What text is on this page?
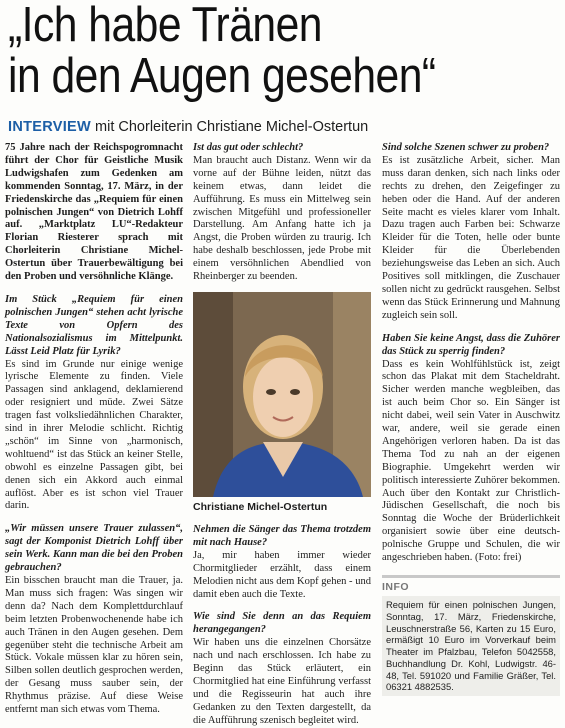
„Ich habe Tränen
in den Augen gesehen“
INTERVIEW mit Chorleiterin Christiane Michel-Ostertun

75 Jahre nach der Reichspogromnacht führt der Chor für Geistliche Musik Ludwigshafen zum Gedenken am kommenden Sonntag, 17. März, in der Friedenskirche das „Requiem für einen polnischen Jungen“ von Dietrich Lohff auf. „Marktplatz LU“-Redakteur Florian Riesterer sprach mit Chorleiterin Christiane Michel-Ostertun über Trauerbewältigung bei den Proben und versöhnliche Klänge.

Im Stück „Requiem für einen polnischen Jungen“ stehen acht lyrische Texte von Opfern des Nationalsozialismus im Mittelpunkt. Lässt Leid Platz für Lyrik?

Es sind im Grunde nur einige wenige lyrische Elemente zu finden. Viele Passagen sind anklagend, deklamierend oder resigniert und müde. Zwei Sätze tragen fast volksliedähnlichen Charakter, sind in ihrer Melodie schlicht. Richtig „schön“ im Sinne von „harmonisch, wohltuend“ ist das Stück an keiner Stelle, obwohl es einzelne Passagen gibt, bei denen sich ein Akkord auch einmal auflöst. Aber es ist schon viel Trauer darin.

„Wir müssen unsere Trauer zulassen“, sagt der Komponist Dietrich Lohff über sein Werk. Kann man die bei den Proben gebrauchen?

Ein bisschen braucht man die Trauer, ja. Man muss sich fragen: Was singen wir denn da? Nach dem Komplettdurchlauf beim letzten Probenwochenende habe ich auch Tränen in den Augen gesehen. Dem gegenüber steht die technische Arbeit am Stück. Vokale müssen klar zu hören sein, Silben sollen deutlich gesprochen werden, der Gesang muss sauber sein, der Rhythmus präzise. Auf diese Weise entfernt man sich etwas vom Thema.

Ist das gut oder schlecht?

Man braucht auch Distanz. Wenn wir da vorne auf der Bühne leiden, nützt das keinem etwas, dann leidet die Aufführung. Es muss ein Mittelweg sein zwischen Mitgefühl und professioneller Darstellung. Am Anfang hatte ich ja Angst, die Proben würden zu traurig. Ich habe deshalb beschlossen, jede Probe mit einem versöhnlichen Abendlied von Rheinberger zu beenden.

Christiane Michel-Ostertun

Nehmen die Sänger das Thema trotzdem mit nach Hause?

Ja, mir haben immer wieder Chormitglieder erzählt, dass einem Melodien nicht aus dem Kopf gehen - und damit eben auch die Texte.

Wie sind Sie denn an das Requiem herangegangen?

Wir haben uns die einzelnen Chorsätze nach und nach erschlossen. Ich habe zu Beginn das Stück erläutert, ein Chormitglied hat eine Einführung verfasst und die Regisseurin hat auch ihre Gedanken zu den Texten dargestellt, da die Aufführung szenisch begleitet wird.

Sind solche Szenen schwer zu proben?

Es ist zusätzliche Arbeit, sicher. Man muss daran denken, sich nach links oder rechts zu drehen, den Zeigefinger zu heben oder die Hand. Auf der anderen Seite macht es vieles klarer vom Inhalt. Dazu tragen auch Farben bei: Schwarze Kleider für die Toten, helle oder bunte Kleider für die Überlebenden beziehungsweise das Leben an sich. Auch Positives soll mitklingen, die Zuschauer sollen nicht zu gedrückt rausgehen. Selbst wenn das Stück Erinnerung und Mahnung zugleich sein soll.

Haben Sie keine Angst, dass die Zuhörer das Stück zu sperrig finden?

Dass es kein Wohlfühlstück ist, zeigt schon das Plakat mit dem Stacheldraht. Sicher werden manche wegbleiben, das ist auch beim Chor so. Ein Sänger ist nicht dabei, weil sein Vater in Auschwitz war, andere, weil sie gerade einen Angehörigen verloren haben. Da ist das Thema Tod zu nah an der eigenen Biographie. Umgekehrt werden wir politisch interessierte Zuhörer bekommen. Auch über den Kontakt zur Christlich-Jüdischen Gesellschaft, die noch bis Sonntag die Woche der Brüderlichkeit organisiert sowie über eine deutsch-polnische Gruppe und Schulen, die wir angeschrieben haben. (Foto: frei)

INFO
Requiem für einen polnischen Jungen, Sonntag, 17. März, Friedenskirche, Leuschnerstraße 56, Karten zu 15 Euro, ermäßigt 10 Euro im Vorverkauf beim Theater im Pfalzbau, Telefon 5042558, Buchhandlung Dr. Kohl, Ludwigstr. 46-48, Tel. 591020 und Familie Gräßer, Tel. 06321 4882535.
